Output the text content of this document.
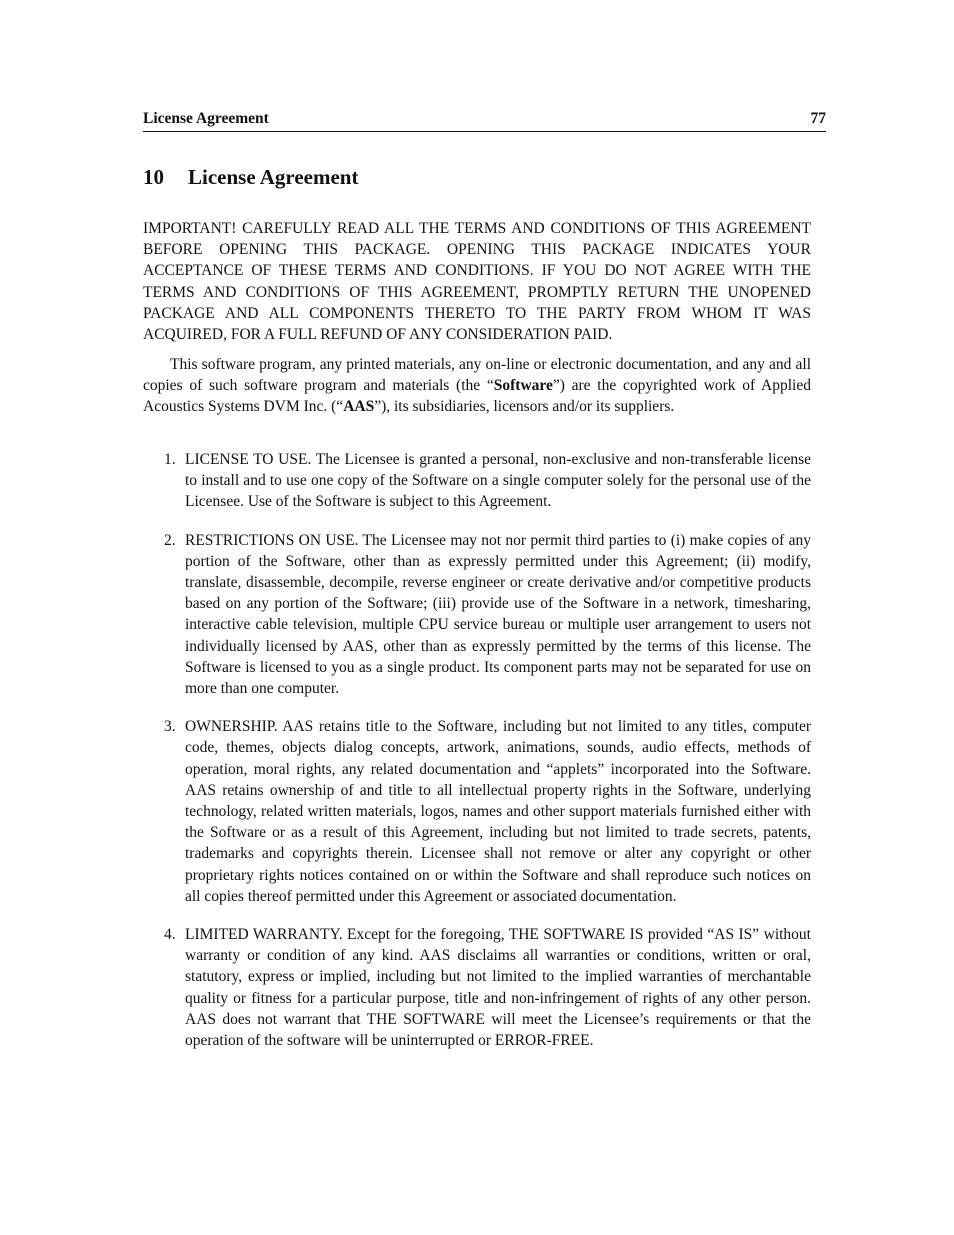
License Agreement	77
10 License Agreement

IMPORTANT! CAREFULLY READ ALL THE TERMS AND CONDITIONS OF THIS AGREEMENT BEFORE OPENING THIS PACKAGE. OPENING THIS PACKAGE INDICATES YOUR ACCEPTANCE OF THESE TERMS AND CONDITIONS. IF YOU DO NOT AGREE WITH THE TERMS AND CONDITIONS OF THIS AGREEMENT, PROMPTLY RETURN THE UNOPENED PACKAGE AND ALL COMPONENTS THERETO TO THE PARTY FROM WHOM IT WAS ACQUIRED, FOR A FULL REFUND OF ANY CONSIDERATION PAID.

This software program, any printed materials, any on-line or electronic documentation, and any and all copies of such software program and materials (the “Software”) are the copyrighted work of Applied Acoustics Systems DVM Inc. (“AAS”), its subsidiaries, licensors and/or its suppliers.

1. LICENSE TO USE. The Licensee is granted a personal, non-exclusive and non-transferable license to install and to use one copy of the Software on a single computer solely for the personal use of the Licensee. Use of the Software is subject to this Agreement.
2. RESTRICTIONS ON USE. The Licensee may not nor permit third parties to (i) make copies of any portion of the Software, other than as expressly permitted under this Agreement; (ii) modify, translate, disassemble, decompile, reverse engineer or create derivative and/or competitive products based on any portion of the Software; (iii) provide use of the Software in a network, timesharing, interactive cable television, multiple CPU service bureau or multiple user arrangement to users not individually licensed by AAS, other than as expressly permitted by the terms of this license. The Software is licensed to you as a single product. Its component parts may not be separated for use on more than one computer.
3. OWNERSHIP. AAS retains title to the Software, including but not limited to any titles, computer code, themes, objects dialog concepts, artwork, animations, sounds, audio effects, methods of operation, moral rights, any related documentation and “applets” incorporated into the Software. AAS retains ownership of and title to all intellectual property rights in the Software, underlying technology, related written materials, logos, names and other support materials furnished either with the Software or as a result of this Agreement, including but not limited to trade secrets, patents, trademarks and copyrights therein. Licensee shall not remove or alter any copyright or other proprietary rights notices contained on or within the Software and shall reproduce such notices on all copies thereof permitted under this Agreement or associated documentation.
4. LIMITED WARRANTY. Except for the foregoing, THE SOFTWARE IS provided “AS IS” without warranty or condition of any kind. AAS disclaims all warranties or conditions, written or oral, statutory, express or implied, including but not limited to the implied warranties of merchantable quality or fitness for a particular purpose, title and non-infringement of rights of any other person. AAS does not warrant that THE SOFTWARE will meet the Licensee’s requirements or that the operation of the software will be uninterrupted or ERROR-FREE.
